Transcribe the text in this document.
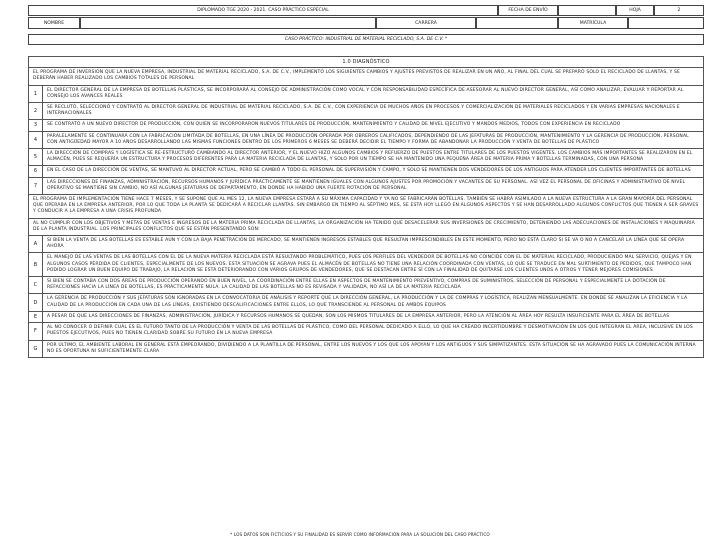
DIPLOMADO TGE 2020 - 2021. CASO PRÁCTICO ESPECIAL	FECHA DE ENVÍO	HOJA	2
NOMBRE	CARRERA	MATRÍCULA
CASO PRÁCTICO: INDUSTRIAL DE MATERIAL RECICLADO, S.A. DE C.V. *
1.0 DIAGNÓSTICO	
EL PROGRAMA DE INVERSIÓN QUE LA NUEVA EMPRESA, INDUSTRIAL DE MATERIAL RECICLADO, S.A. DE C.V., IMPLEMENTÓ LOS SIGUIENTES CAMBIOS Y AJUSTES PREVISTOS DE REALIZAR EN UN AÑO, AL FINAL DEL CUAL SE PREPARÓ SOLO EL RECICLADO DE LLANTAS, Y SE DEBERÁN HABER REALIZADO LOS CAMBIOS TOTALES DE PERSONAL	
1	EL DIRECTOR GENERAL DE LA EMPRESA DE BOTELLAS PLÁSTICAS, SE INCORPORARÁ AL CONSEJO DE ADMINISTRACIÓN COMO VOCAL Y CON RESPONSABILIDAD ESPECÍFICA DE ASESORAR AL NUEVO DIRECTOR GENERAL, ASÍ COMO ANALIZAR, EVALUAR Y REPORTAR AL CONSEJO LOS AVANCES REALES
2	SE RECLUTÓ, SELECCIONÓ Y CONTRATÓ AL DIRECTOR GENERAL DE INDUSTRIAL DE MATERIAL RECICLADO, S.A. DE C.V., CON EXPERIENCIA DE MUCHOS AÑOS EN PROCESOS Y COMERCIALIZACIÓN DE MATERIALES RECICLADOS Y EN VARIAS EMPRESAS NACIONALES E INTERNACIONALES
3	SE CONTRATÓ A UN NUEVO DIRECTOR DE PRODUCCIÓN, CON QUIEN SE INCORPORARON NUEVOS TITULARES DE PRODUCCIÓN, MANTENIMIENTO Y CALIDAD DE NIVEL EJECUTIVO Y MANDOS MEDIOS, TODOS CON EXPERIENCIA EN RECICLADO
4	PARALELAMENTE SE CONTINUARÁ CON LA FABRICACIÓN LIMITADA DE BOTELLAS, EN UNA LÍNEA DE PRODUCCIÓN OPERADA POR OBREROS CALIFICADOS, DEPENDIENDO DE LAS JEFATURAS DE PRODUCCIÓN, MANTENIMIENTO Y LA GERENCIA DE PRODUCCIÓN, PERSONAL CON ANTIGÜEDAD MAYOR A 10 AÑOS DESARROLLANDO LAS MISMAS FUNCIONES DENTRO DE LOS PRIMEROS 6 MESES SE DEBERÁ DECIDIR EL TIEMPO Y FORMA DE ABANDONAR LA PRODUCCIÓN Y VENTA DE BOTELLAS DE PLÁSTICO
5	LA DIRECCIÓN DE COMPRAS Y LOGÍSTICA SE RE-ESTRUCTURÓ CAMBIANDO AL DIRECTOR ANTERIOR, Y EL NUEVO HIZO ALGUNOS CAMBIOS Y REFUERZO DE PUESTOS ENTRE TITULARES DE LOS PUESTOS VIGENTES. LOS CAMBIOS MÁS IMPORTANTES SE REALIZARON EN EL ALMACÉN, PUES SE REQUERÍA UN ESTRUCTURA Y PROCESOS DIFERENTES PARA LA MATERIA RECICLADA DE LLANTAS, Y SOLO POR UN TIEMPO SE HA MANTENIDO UNA PEQUEÑA ÁREA DE MATERIA PRIMA Y BOTELLAS TERMINADAS, CON UNA PERSONA
6	EN EL CASO DE LA DIRECCIÓN DE VENTAS, SE MANTUVO AL DIRECTOR ACTUAL, PERO SE CAMBIÓ A TODO EL PERSONAL DE SUPERVISIÓN Y CAMPO, Y SOLO SE MANTIENEN DOS VENDEDORES DE LOS ANTIGUOS PARA ATENDER LOS CLIENTES IMPORTANTES DE BOTELLAS
7	LAS DIRECCIONES DE FINANZAS, ADMINISTRACIÓN, RECURSOS HUMANOS Y JURÍDICA PRÁCTICAMENTE SE MANTIENEN IGUALES CON ALGUNOS AJUSTES POR PROMOCIÓN Y VACANTES DE SU PERSONAL. ASÍ VEZ EL PERSONAL DE OFICINAS Y ADMINISTRATIVO DE NIVEL OPERATIVO SE MANTIENE SIN CAMBIO, NO ASÍ ALGUNAS JEFATURAS DE DEPARTAMENTO, EN DONDE HA HABIDO UNA FUERTE ROTACIÓN DE PERSONAL
EL PROGRAMA DE IMPLEMENTACIÓN TIENE HACE 7 MESES, Y SE SUPONE QUE AL MES 12, LA NUEVA EMPRESA ESTARÁ A SU MÁXIMA CAPACIDAD Y YA NO SE FABRICARÁN BOTELLAS. TAMBIÉN SE HABRÁ ASIMILADO A LA NUEVA ESTRUCTURA A LA GRAN MAYORÍA DEL PERSONAL QUE OPERABA EN LA EMPRESA ANTERIOR, POR LO QUE TODA LA PLANTA SE DEDICARÁ A RECICLAR LLANTAS. SIN EMBARGO EN TIEMPO AL SÉPTIMO MES, SE ESTÁ HOY LLEGÓ EN ALGUNOS ASPECTOS Y SE HAN DESARROLLADO ALGUNOS CONFLICTOS QUE TIENEN A SER GRAVES Y CONDUCIR A LA EMPRESA A UNA CRISIS PROFUNDA	
AL NO CUMPLIR CON LOS OBJETIVOS Y METAS DE VENTAS E INGRESOS DE LA MATERIA PRIMA RECICLADA DE LLANTAS, LA ORGANIZACIÓN HA TENIDO QUE DESACELERAR SUS INVERSIONES DE CRECIMIENTO, DETENIENDO LAS ADECUACIONES DE INSTALACIONES Y MAQUINARIA DE LA PLANTA INDUSTRIAL. LOS PRINCIPALES CONFLICTOS QUE SE ESTÁN PRESENTANDO SON:	
A	SI BIEN LA VENTA DE LAS BOTELLAS ES ESTABLE AÚN Y CON LA BAJA PENETRACIÓN DE MERCADO, SE MANTIENEN INGRESOS ESTABLES QUE RESULTAN IMPRESCINDIBLES EN ESTE MOMENTO, PERO NO ESTÁ CLARO SI SE VA O NO A CANCELAR LA LÍNEA QUE SE OPERA AHORA
B	EL MANEJO DE LAS VENTAS DE LAS BOTELLAS CON EL DE LA NUEVA MATERIA RECICLADA ESTÁ RESULTANDO PROBLEMÁTICO, PUES LOS PERFILES DEL VENDEDOR DE BOTELLAS NO COINCIDE CON EL DE MATERIAL RECICLADO, PRODUCIENDO MAL SERVICIO, QUEJAS Y EN ALGUNOS CASOS PÉRDIDA DE CLIENTES, ESPECIALMENTE DE LOS NUEVOS. ESTA SITUACIÓN SE AGRAVA PUES EL ALMACÉN DE BOTELLAS NO TIENE UNA RELACIÓN COORDINADA CON VENTAS, LO QUE SE TRADUCE EN MAL SURTIMIENTO DE PEDIDOS, QUE TAMPOCO HAN PODIDO LOGRAR UN BUEN EQUIPO DE TRABAJO, LA RELACIÓN SE ESTÁ DETERIORANDO CON VARIOS GRUPOS DE VENDEDORES, QUE SE DESTACAN ENTRE SÍ CON LA FINALIDAD DE QUITARSE LOS CLIENTES UNOS A OTROS Y TENER MEJORES COMISIONES
C	SI BIEN SE CONTABA CON DOS ÁREAS DE PRODUCCIÓN OPERANDO EN BUEN NIVEL, LA COORDINACIÓN ENTRE ELLAS EN ASPECTOS DE MANTENIMIENTO PREVENTIVO, COMPRAS DE SUMINISTROS, SELECCIÓN DE PERSONAL Y ESPECIALMENTE LA DOTACIÓN DE REFACCIONES HACIA LA LÍNEA DE BOTELLAS, ES PRÁCTICAMENTE NULA. LA CALIDAD DE LAS BOTELLAS NO ES REVISADA Y VALIDADA, NO ASÍ LA DE LA MATERIA RECICLADA
D	LA GERENCIA DE PRODUCCIÓN Y SUS JEFATURAS SON IGNORADAS EN LA CONVOCATORIA DE ANÁLISIS Y REPORTE QUE LA DIRECCIÓN GENERAL, LA PRODUCCIÓN Y LA DE COMPRAS Y LOGÍSTICA, REALIZAN MENSUALMENTE. EN DONDE SE ANALIZAN LA EFICIENCIA Y LA CALIDAD DE LA PRODUCCIÓN EN CADA UNA DE LAS LÍNEAS, EXISTIENDO DESCALIFICACIONES ENTRE ELLOS, LO QUE TRANSCIENDE AL PERSONAL DE AMBOS EQUIPOS
E	A PESAR DE QUE LAS DIRECCIONES DE FINANZAS, ADMINISTRACIÓN, JURÍDICA Y RECURSOS HUMANOS SE QUEDAN, SON LOS MISMOS TITULARES DE LA EMPRESA ANTERIOR, PERO LA ATENCIÓN AL ÁREA HOY RESULTA INSUFICIENTE PARA EL ÁREA DE BOTELLAS
F	AL NO CONOCER O DEFINIR CUÁL ES EL FUTURO TANTO DE LA PRODUCCIÓN Y VENTA DE LAS BOTELLAS DE PLÁSTICO, COMO DEL PERSONAL DEDICADO A ELLO, LO QUE HA CREADO INCERTIDUMBRE Y DESMOTIVACIÓN EN LOS QUE INTEGRAN EL ÁREA, INCLUSIVE EN LOS PUESTOS EJECUTIVOS, PUES NO TIENEN CLARIDAD SOBRE SU FUTURO EN LA NUEVA EMPRESA
G	POR ÚLTIMO, EL AMBIENTE LABORAL EN GENERAL ESTÁ EMPEORANDO, DIVIDIENDO A LA PLANTILLA DE PERSONAL, ENTRE LOS NUEVOS Y LOS QUE LOS APOYAN Y LOS ANTIGUOS Y SUS SIMPATIZANTES. ESTA SITUACIÓN SE HA AGRAVADO PUES LA COMUNICACIÓN INTERNA NO ES OPORTUNA NI SUFICIENTEMENTE CLARA
* LOS DATOS SON FICTICIOS Y SU FINALIDAD ES SERVIR COMO INFORMACIÓN PARA LA SOLUCIÓN DEL CASO PRÁCTICO
